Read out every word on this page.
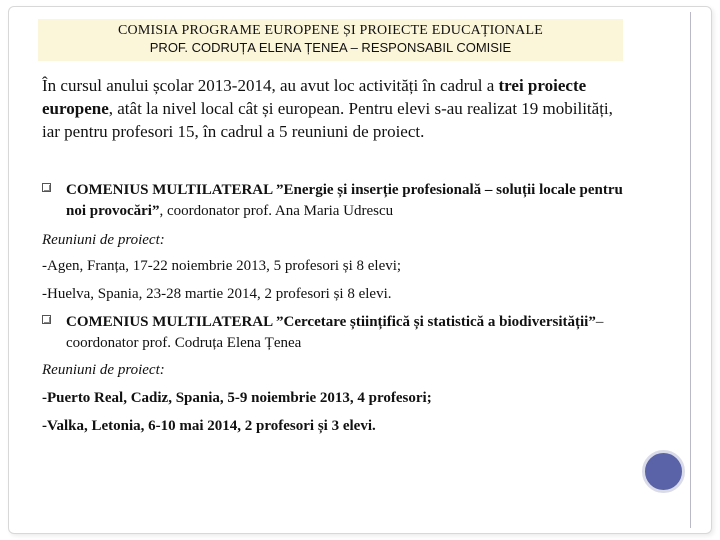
COMISIA PROGRAME EUROPENE ȘI PROIECTE EDUCAȚIONALE
PROF. CODRUȚA ELENA ȚENEA – RESPONSABIL COMISIE
În cursul anului școlar 2013-2014, au avut loc activități în cadrul a trei proiecte europene, atât la nivel local cât și european. Pentru elevi s-au realizat 19 mobilități, iar pentru profesori 15, în cadrul a 5 reuniuni de proiect.
COMENIUS MULTILATERAL ”Energie și inserție profesională – soluții locale pentru noi provocări”, coordonator prof. Ana Maria Udrescu
Reuniuni de proiect:
-Agen, Franța, 17-22 noiembrie 2013, 5 profesori și 8 elevi;
-Huelva, Spania, 23-28 martie 2014, 2 profesori și 8 elevi.
COMENIUS MULTILATERAL ”Cercetare științifică și statistică a biodiversității”– coordonator prof. Codruța Elena Țenea
Reuniuni de proiect:
-Puerto Real, Cadiz, Spania, 5-9 noiembrie 2013, 4 profesori;
-Valka, Letonia, 6-10 mai 2014, 2 profesori și 3 elevi.
